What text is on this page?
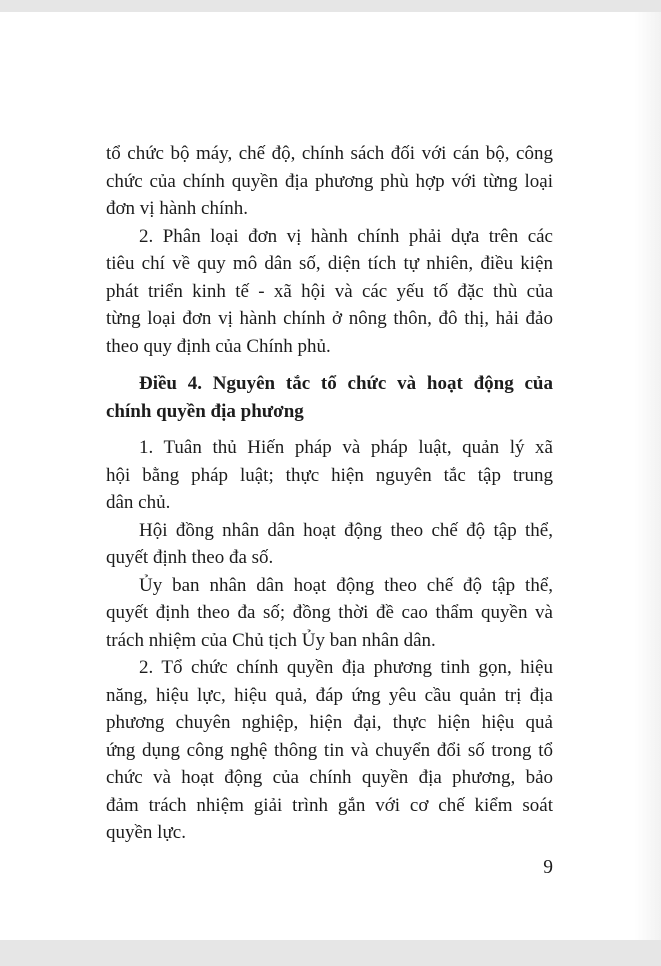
tổ chức bộ máy, chế độ, chính sách đối với cán bộ, công
chức của chính quyền địa phương phù hợp với từng loại
đơn vị hành chính.
2. Phân loại đơn vị hành chính phải dựa trên các
tiêu chí về quy mô dân số, diện tích tự nhiên, điều kiện
phát triển kinh tế - xã hội và các yếu tố đặc thù của
từng loại đơn vị hành chính ở nông thôn, đô thị, hải đảo
theo quy định của Chính phủ.
Điều 4. Nguyên tắc tổ chức và hoạt động của
chính quyền địa phương
1. Tuân thủ Hiến pháp và pháp luật, quản lý xã
hội bằng pháp luật; thực hiện nguyên tắc tập trung
dân chủ.
Hội đồng nhân dân hoạt động theo chế độ tập thể,
quyết định theo đa số.
Ủy ban nhân dân hoạt động theo chế độ tập thể,
quyết định theo đa số; đồng thời đề cao thẩm quyền và
trách nhiệm của Chủ tịch Ủy ban nhân dân.
2. Tổ chức chính quyền địa phương tinh gọn, hiệu
năng, hiệu lực, hiệu quả, đáp ứng yêu cầu quản trị địa
phương chuyên nghiệp, hiện đại, thực hiện hiệu quả
ứng dụng công nghệ thông tin và chuyển đổi số trong tổ
chức và hoạt động của chính quyền địa phương, bảo
đảm trách nhiệm giải trình gắn với cơ chế kiểm soát
quyền lực.
9
